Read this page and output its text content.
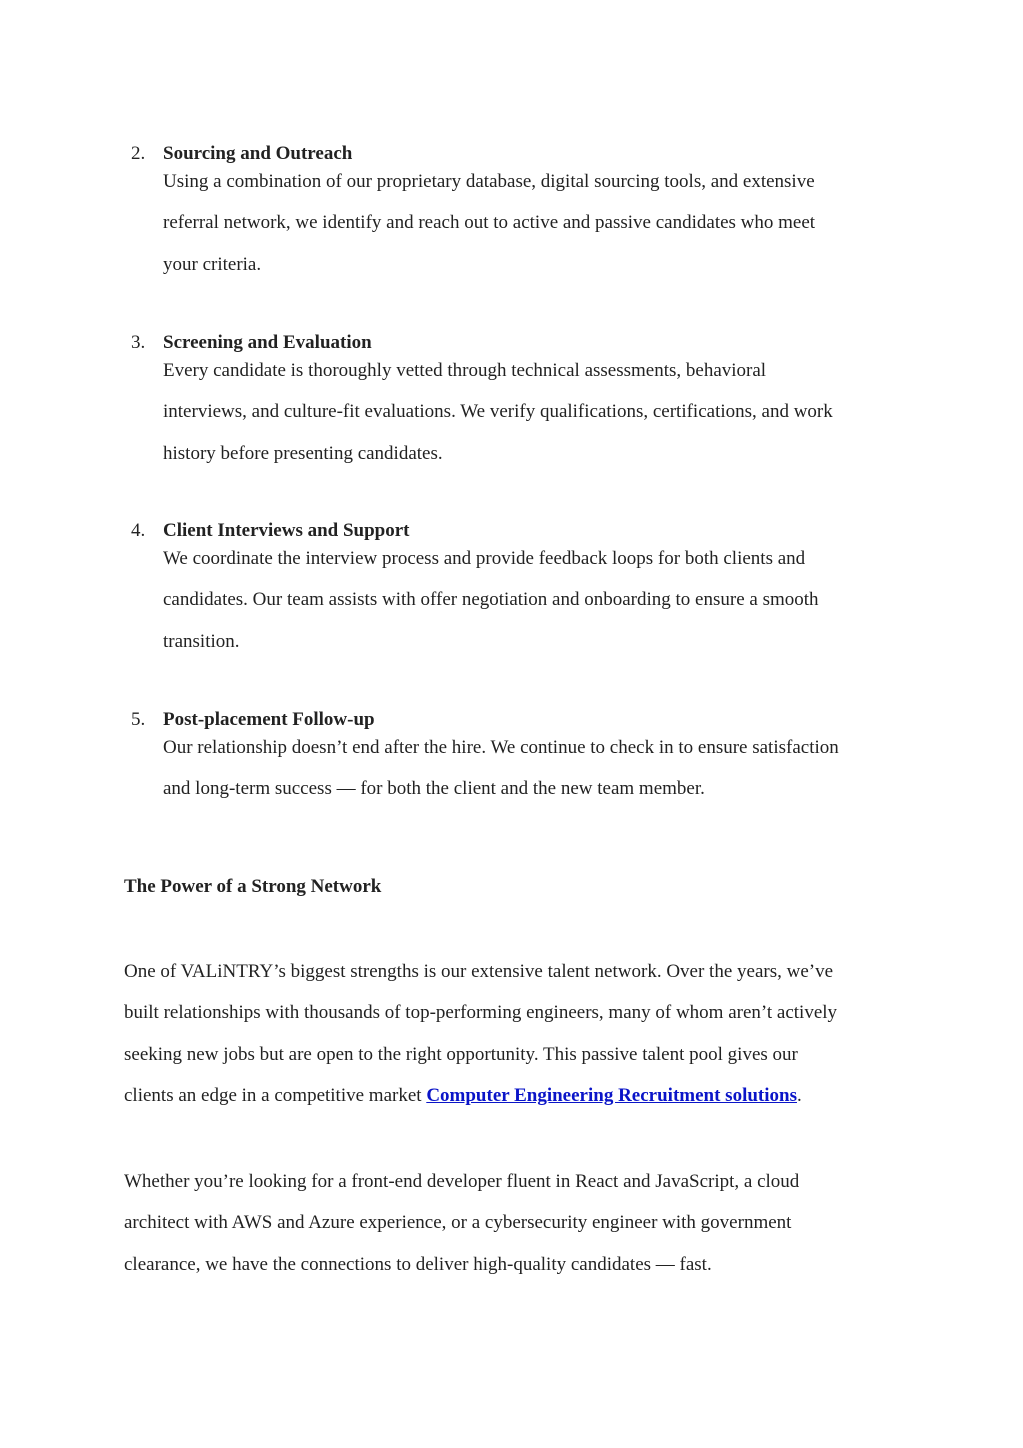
2. Sourcing and Outreach
Using a combination of our proprietary database, digital sourcing tools, and extensive
referral network, we identify and reach out to active and passive candidates who meet
your criteria.
3. Screening and Evaluation
Every candidate is thoroughly vetted through technical assessments, behavioral
interviews, and culture-fit evaluations. We verify qualifications, certifications, and work
history before presenting candidates.
4. Client Interviews and Support
We coordinate the interview process and provide feedback loops for both clients and
candidates. Our team assists with offer negotiation and onboarding to ensure a smooth
transition.
5. Post-placement Follow-up
Our relationship doesn’t end after the hire. We continue to check in to ensure satisfaction
and long-term success — for both the client and the new team member.
The Power of a Strong Network
One of VALiNTRY’s biggest strengths is our extensive talent network. Over the years, we’ve
built relationships with thousands of top-performing engineers, many of whom aren’t actively
seeking new jobs but are open to the right opportunity. This passive talent pool gives our
clients an edge in a competitive market Computer Engineering Recruitment solutions.
Whether you’re looking for a front-end developer fluent in React and JavaScript, a cloud
architect with AWS and Azure experience, or a cybersecurity engineer with government
clearance, we have the connections to deliver high-quality candidates — fast.
